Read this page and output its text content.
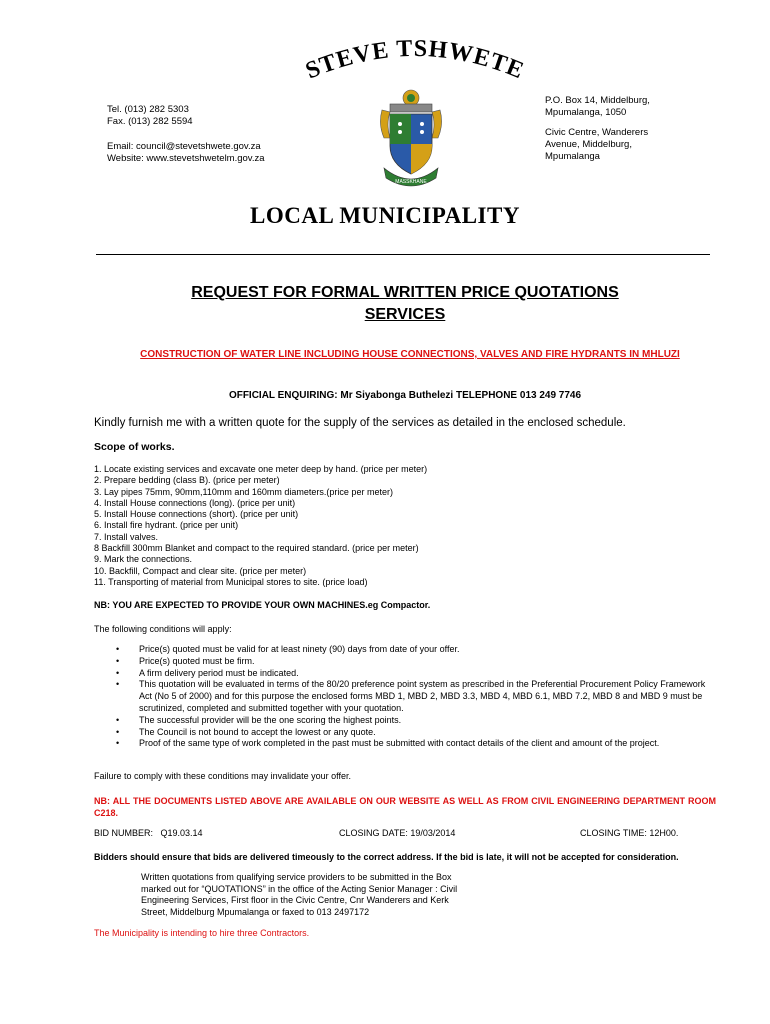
STEVE TSHWETE
MASSKHANE
Tel. (013) 282 5303
Fax. (013) 282 5594
Email: council@stevetshwete.gov.za
Website: www.stevetshwetelm.gov.za
P.O. Box 14, Middelburg,
Mpumalanga, 1050
Civic Centre, Wanderers
Avenue, Middelburg,
Mpumalanga
LOCAL MUNICIPALITY
REQUEST FOR FORMAL WRITTEN PRICE QUOTATIONS
SERVICES
CONSTRUCTION OF WATER LINE INCLUDING HOUSE CONNECTIONS, VALVES AND FIRE HYDRANTS IN MHLUZI
OFFICIAL ENQUIRING: Mr Siyabonga Buthelezi TELEPHONE 013 249 7746
Kindly furnish me with a written quote for the supply of the services as detailed in the enclosed schedule.
Scope of works.
1. Locate existing services and excavate one meter deep by hand. (price per meter)
2. Prepare bedding (class B). (price per meter)
3. Lay pipes 75mm, 90mm,110mm and 160mm diameters.(price per meter)
4. Install House connections (long). (price per unit)
5. Install House connections (short). (price per unit)
6. Install fire hydrant. (price per unit)
7. Install valves.
8 Backfill 300mm Blanket and compact to the required standard. (price per meter)
9. Mark the connections.
10. Backfill, Compact and clear site. (price per meter)
11. Transporting of material from Municipal stores to site. (price load)
NB: YOU ARE EXPECTED TO PROVIDE YOUR OWN MACHINES.eg Compactor.
The following conditions will apply:
• Price(s) quoted must be valid for at least ninety (90) days from date of your offer.
• Price(s) quoted must be firm.
• A firm delivery period must be indicated.
• This quotation will be evaluated in terms of the 80/20 preference point system as prescribed in the Preferential Procurement Policy Framework Act (No 5 of 2000) and for this purpose the enclosed forms MBD 1, MBD 2, MBD 3.3, MBD 4, MBD 6.1, MBD 7.2, MBD 8 and MBD 9 must be scrutinized, completed and submitted together with your quotation.
• The successful provider will be the one scoring the highest points.
• The Council is not bound to accept the lowest or any quote.
• Proof of the same type of work completed in the past must be submitted with contact details of the client and amount of the project.
Failure to comply with these conditions may invalidate your offer.
NB: ALL THE DOCUMENTS LISTED ABOVE ARE AVAILABLE ON OUR WEBSITE AS WELL AS FROM CIVIL ENGINEERING DEPARTMENT ROOM C218.
BID NUMBER:   Q19.03.14	CLOSING DATE: 19/03/2014	CLOSING TIME: 12H00.
Bidders should ensure that bids are delivered timeously to the correct address. If the bid is late, it will not be accepted for consideration.
Written quotations from qualifying service providers to be submitted in the Box
marked out for “QUOTATIONS” in the office of the Acting Senior Manager : Civil
Engineering Services, First floor in the Civic Centre, Cnr Wanderers and Kerk
Street, Middelburg Mpumalanga or faxed to 013 2497172
The Municipality is intending to hire three Contractors.
